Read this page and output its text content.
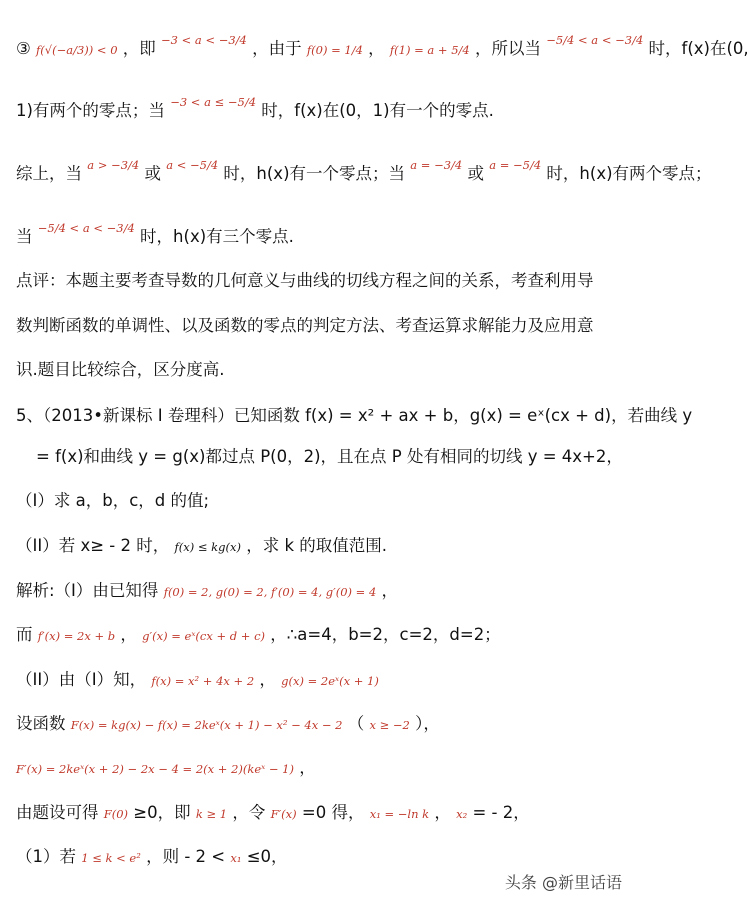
③ f(√(−a/3)) < 0 ，即 $^{-3 < a < -3/4}$ ，由于 f(0) = 1/4 ， f(1) = a + 5/4 ，所以当 $^{-5/4 < a < -3/4}$ 时，f(x)在(0,
1)有两个的零点；当 $^{-3 < a \le -5/4}$ 时，f(x)在(0，1)有一个的零点.
综上，当 $^{a > -3/4}$ 或 $^{a < -5/4}$ 时，h(x)有一个零点；当 $^{a = -3/4}$ 或 $^{a = -5/4}$ 时，h(x)有两个零点；
当 $^{-5/4 < a < -3/4}$ 时，h(x)有三个零点.
点评：本题主要考查导数的几何意义与曲线的切线方程之间的关系，考查利用导
数判断函数的单调性、以及函数的零点的判定方法、考查运算求解能力及应用意
识.题目比较综合，区分度高.
5、（2013•新课标 I 卷理科）已知函数 f(x) = x² + ax + b，g(x) = eˣ(cx + d)，若曲线 y
= f(x)和曲线 y = g(x)都过点 P(0，2)，且在点 P 处有相同的切线 y = 4x+2，
（I）求 a，b，c，d 的值;
（II）若 x≥ - 2 时， f(x) ≤ kg(x) ，求 k 的取值范围.
解析:（I）由已知得 f(0) = 2, g(0) = 2, f′(0) = 4, g′(0) = 4 ，
而 f′(x) = 2x + b ， g′(x) = eˣ(cx + d + c) ，∴a=4，b=2，c=2，d=2；
（II）由（I）知， f(x) = x² + 4x + 2 ， g(x) = 2eˣ(x + 1)
设函数 F(x) = kg(x) − f(x) = 2keˣ(x + 1) − x² − 4x − 2 （ x ≥ −2 ），
F′(x) = 2keˣ(x + 2) − 2x − 4 = 2(x + 2)(keˣ − 1) ，
由题设可得 F(0) ≥0，即 k ≥ 1 ，令 F′(x) =0 得， x₁ = −ln k ， x₂ = - 2，
（1）若 1 ≤ k < e² ，则 - 2 < x₁ ≤0，
头条 @新里话语
